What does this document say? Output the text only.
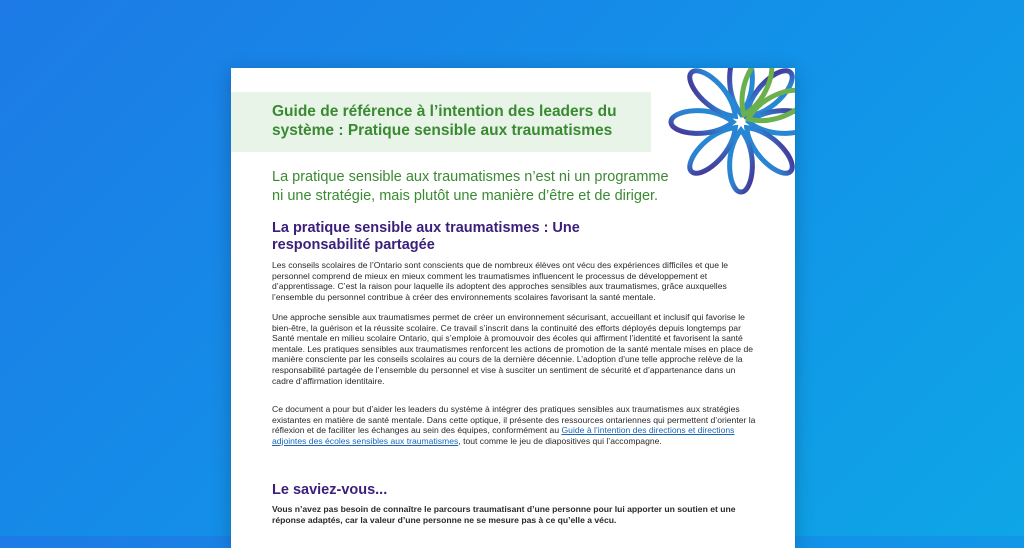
Guide de référence à l’intention des leaders du système : Pratique sensible aux traumatismes

La pratique sensible aux traumatismes n’est ni un programme ni une stratégie, mais plutôt une manière d’être et de diriger.

La pratique sensible aux traumatismes : Une responsabilité partagée

Les conseils scolaires de l’Ontario sont conscients que de nombreux élèves ont vécu des expériences difficiles et que le personnel comprend de mieux en mieux comment les traumatismes influencent le processus de développement et d’apprentissage. C’est la raison pour laquelle ils adoptent des approches sensibles aux traumatismes, grâce auxquelles l’ensemble du personnel contribue à créer des environnements scolaires favorisant la santé mentale.

Une approche sensible aux traumatismes permet de créer un environnement sécurisant, accueillant et inclusif qui favorise le bien-être, la guérison et la réussite scolaire. Ce travail s’inscrit dans la continuité des efforts déployés depuis longtemps par Santé mentale en milieu scolaire Ontario, qui s’emploie à promouvoir des écoles qui affirment l’identité et favorisent la santé mentale. Les pratiques sensibles aux traumatismes renforcent les actions de promotion de la santé mentale mises en place de manière consciente par les conseils scolaires au cours de la dernière décennie. L’adoption d’une telle approche relève de la responsabilité partagée de l’ensemble du personnel et vise à susciter un sentiment de sécurité et d’appartenance dans un cadre d’affirmation identitaire.

Ce document a pour but d’aider les leaders du système à intégrer des pratiques sensibles aux traumatismes aux stratégies existantes en matière de santé mentale. Dans cette optique, il présente des ressources ontariennes qui permettent d’orienter la réflexion et de faciliter les échanges au sein des équipes, conformément au Guide à l’intention des directions et directions adjointes des écoles sensibles aux traumatismes, tout comme le jeu de diapositives qui l’accompagne.

Le saviez-vous...

Vous n’avez pas besoin de connaître le parcours traumatisant d’une personne pour lui apporter un soutien et une réponse adaptés, car la valeur d’une personne ne se mesure pas à ce qu’elle a vécu.
